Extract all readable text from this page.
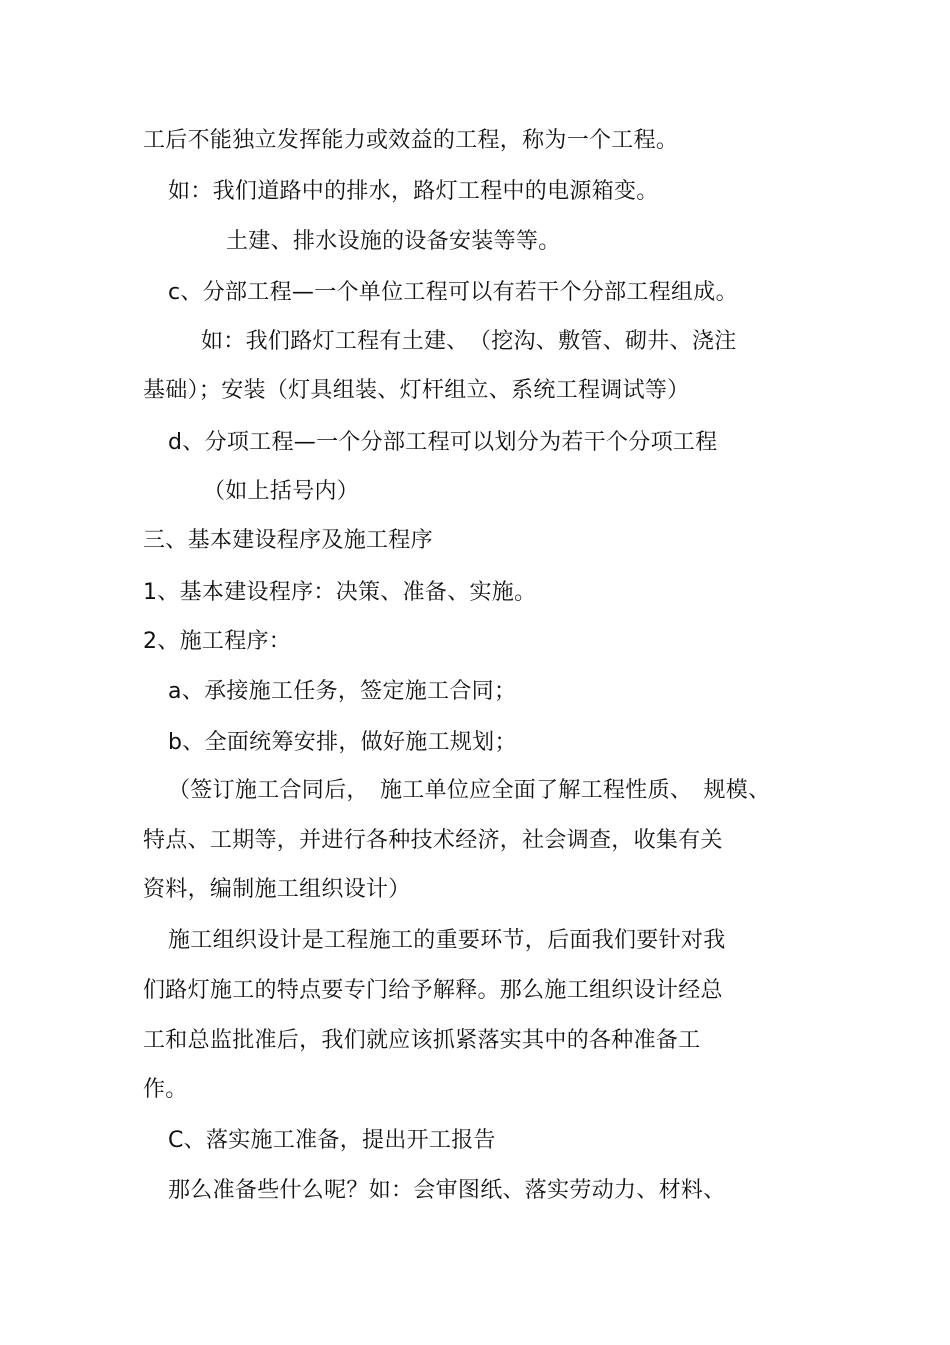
工后不能独立发挥能力或效益的工程，称为一个工程。
如：我们道路中的排水，路灯工程中的电源箱变。
土建、排水设施的设备安装等等。
c、分部工程—一个单位工程可以有若干个分部工程组成。
如：我们路灯工程有土建、　（挖沟、敷管、砌井、浇注
基础）；安装（灯具组装、灯杆组立、系统工程调试等）
d、分项工程—一个分部工程可以划分为若干个分项工程
（如上括号内）
三、基本建设程序及施工程序
1、基本建设程序：决策、准备、实施。
2、施工程序：
a、承接施工任务，签定施工合同；
b、全面统筹安排，做好施工规划；
（签订施工合同后，　施工单位应全面了解工程性质、　规模、
特点、工期等，并进行各种技术经济，社会调查，收集有关
资料，编制施工组织设计）
施工组织设计是工程施工的重要环节，后面我们要针对我
们路灯施工的特点要专门给予解释。那么施工组织设计经总
工和总监批准后，我们就应该抓紧落实其中的各种准备工
作。
C、落实施工准备，提出开工报告
那么准备些什么呢？如：会审图纸、落实劳动力、材料、
